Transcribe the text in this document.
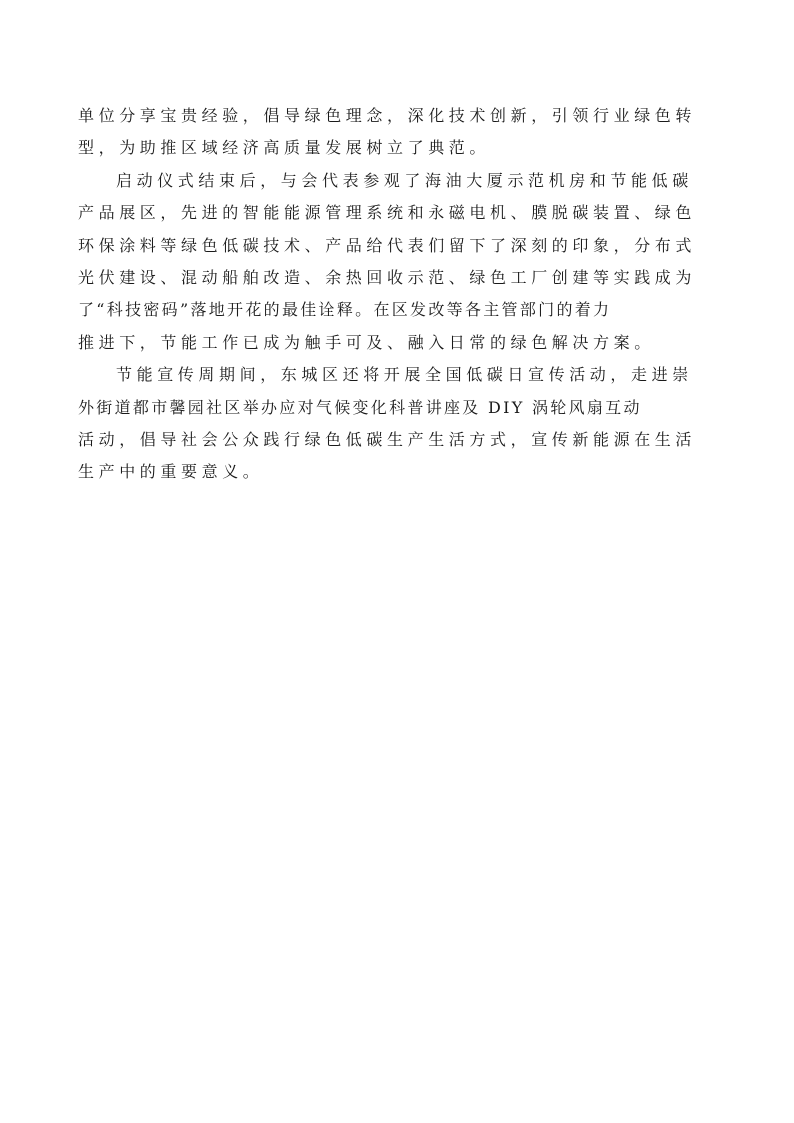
单位分享宝贵经验，倡导绿色理念，深化技术创新，引领行业绿色转
型，为助推区域经济高质量发展树立了典范。
启动仪式结束后，与会代表参观了海油大厦示范机房和节能低碳
产品展区，先进的智能能源管理系统和永磁电机、膜脱碳装置、绿色
环保涂料等绿色低碳技术、产品给代表们留下了深刻的印象，分布式
光伏建设、混动船舶改造、余热回收示范、绿色工厂创建等实践成为
了“科技密码”落地开花的最佳诠释。在区发改等各主管部门的着力
推进下，节能工作已成为触手可及、融入日常的绿色解决方案。
节能宣传周期间，东城区还将开展全国低碳日宣传活动，走进崇
外街道都市馨园社区举办应对气候变化科普讲座及 DIY 涡轮风扇互动
活动，倡导社会公众践行绿色低碳生产生活方式，宣传新能源在生活
生产中的重要意义。
